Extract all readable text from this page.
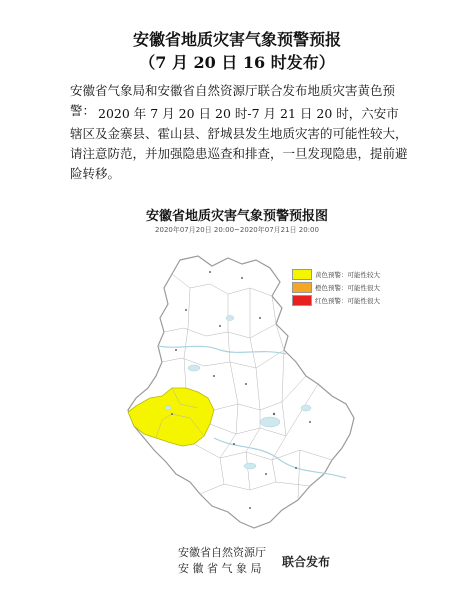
安徽省地质灾害气象预警预报
（7 月 20 日 16 时发布）
安徽省气象局和安徽省自然资源厅联合发布地质灾害黄色预警： 2020 年 7 月 20 日 20 时-7 月 21 日 20 时，六安市辖区及金寨县、霍山县、舒城县发生地质灾害的可能性较大，请注意防范，并加强隐患巡查和排查，一旦发现隐患，提前避险转移。
安徽省地质灾害气象预警预报图
2020年07月20日 20:00~2020年07月21日 20:00
黄色预警：可能性较大
橙色预警：可能性很大
红色预警：可能性很大
安徽省自然资源厅
安 徽 省 气 象 局	联合发布
